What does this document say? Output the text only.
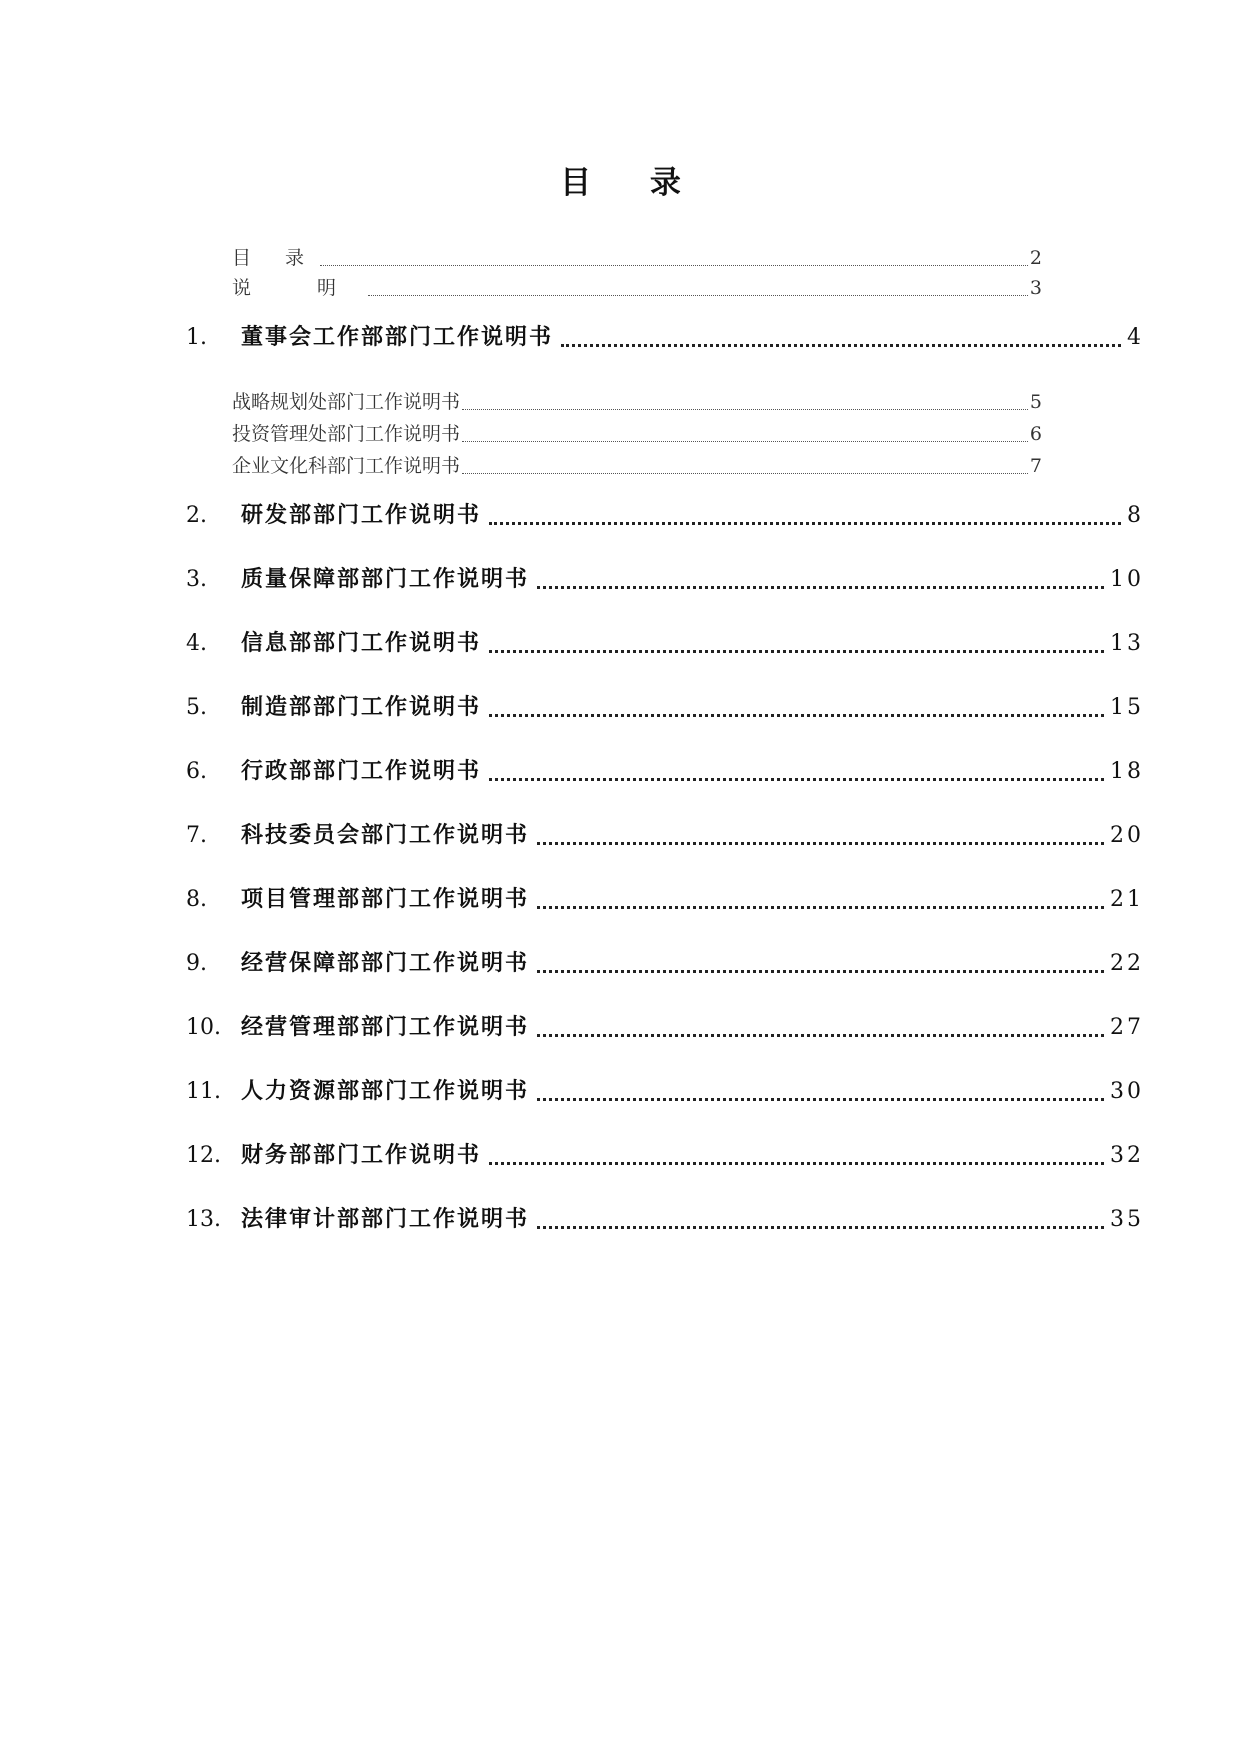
目 录
目 录	2
说 明	3
1.	董事会工作部部门工作说明书	4
战略规划处部门工作说明书	5
投资管理处部门工作说明书	6
企业文化科部门工作说明书	7
2.	研发部部门工作说明书	8
3.	质量保障部部门工作说明书	10
4.	信息部部门工作说明书	13
5.	制造部部门工作说明书	15
6.	行政部部门工作说明书	18
7.	科技委员会部门工作说明书	20
8.	项目管理部部门工作说明书	21
9.	经营保障部部门工作说明书	22
10. 经营管理部部门工作说明书	27
11. 人力资源部部门工作说明书	30
12. 财务部部门工作说明书	32
13. 法律审计部部门工作说明书	35
